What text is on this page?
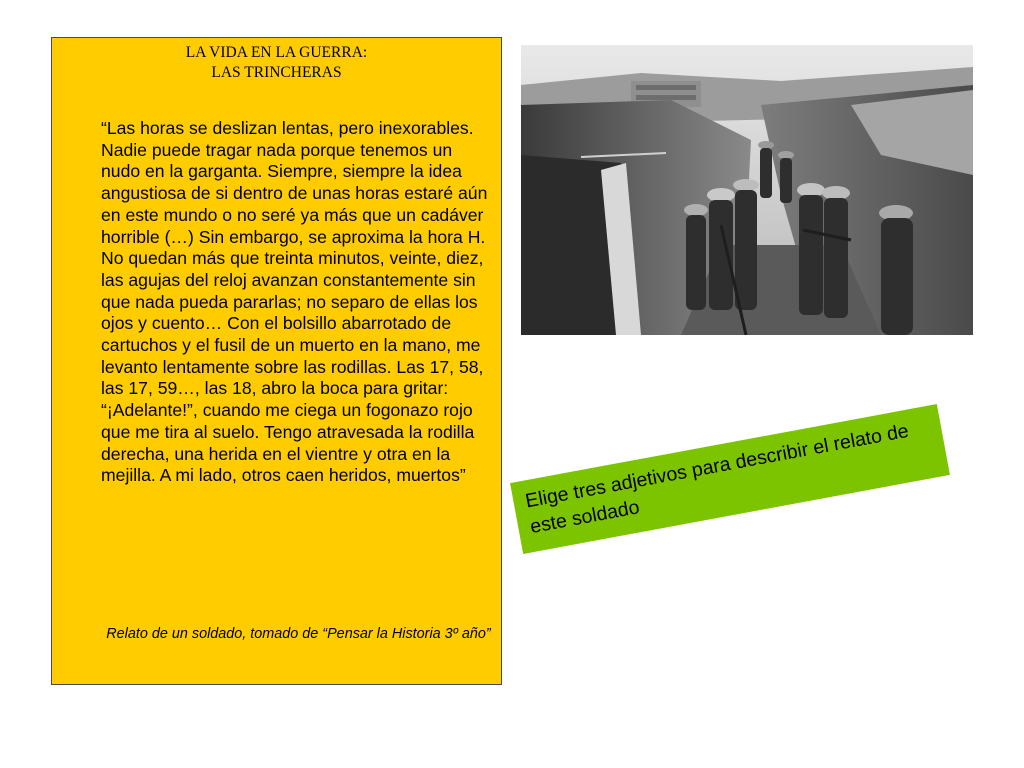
LA VIDA EN LA GUERRA:
LAS TRINCHERAS

“Las horas se deslizan lentas, pero inexorables. Nadie puede tragar nada porque tenemos un nudo en la garganta. Siempre, siempre la idea angustiosa de si dentro de unas horas estaré aún en este mundo o no seré ya más que un cadáver horrible (…) Sin embargo, se aproxima la hora H. No quedan más que treinta minutos, veinte, diez, las agujas del reloj avanzan constantemente sin que nada pueda pararlas; no separo de ellas los ojos y cuento… Con el bolsillo abarrotado de cartuchos y el fusil de un muerto en la mano, me levanto lentamente sobre las rodillas. Las 17, 58, las 17, 59…, las 18, abro la boca para gritar: “¡Adelante!”, cuando me ciega un fogonazo rojo que me tira al suelo. Tengo atravesada la rodilla derecha, una herida en el vientre y otra en la mejilla. A mi lado, otros caen heridos, muertos”

Relato de un soldado, tomado de “Pensar la Historia 3º año”

Elige tres adjetivos para describir el relato de este soldado
